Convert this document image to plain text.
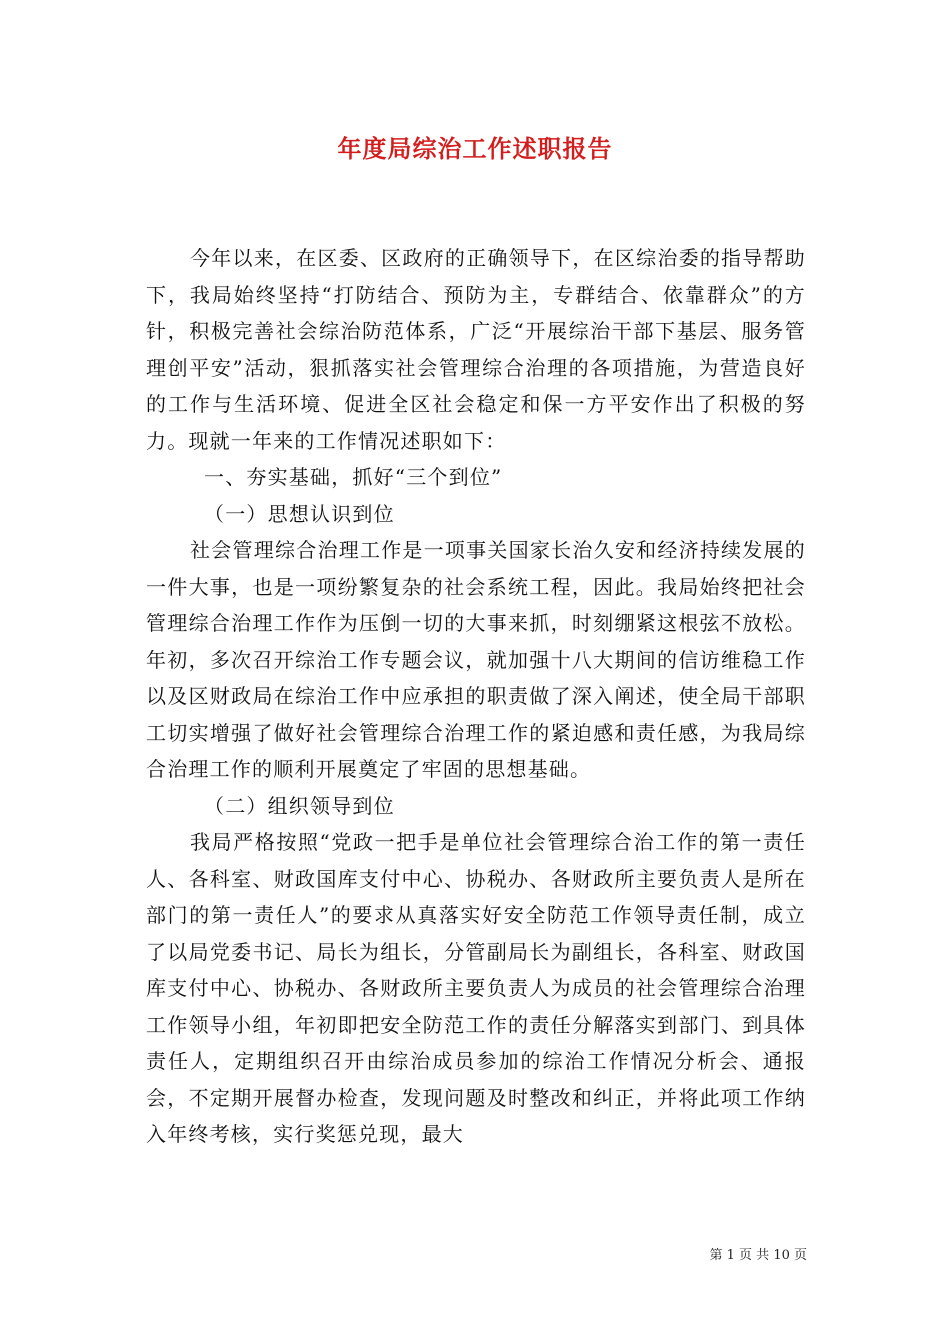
年度局综治工作述职报告

今年以来，在区委、区政府的正确领导下，在区综治委的指导帮助下，我局始终坚持“打防结合、预防为主，专群结合、依靠群众”的方针，积极完善社会综治防范体系，广泛“开展综治干部下基层、服务管理创平安”活动，狠抓落实社会管理综合治理的各项措施，为营造良好的工作与生活环境、促进全区社会稳定和保一方平安作出了积极的努力。现就一年来的工作情况述职如下：

一、夯实基础，抓好“三个到位”

（一）思想认识到位

社会管理综合治理工作是一项事关国家长治久安和经济持续发展的一件大事，也是一项纷繁复杂的社会系统工程，因此。我局始终把社会管理综合治理工作作为压倒一切的大事来抓，时刻绷紧这根弦不放松。年初，多次召开综治工作专题会议，就加强十八大期间的信访维稳工作以及区财政局在综治工作中应承担的职责做了深入阐述，使全局干部职工切实增强了做好社会管理综合治理工作的紧迫感和责任感，为我局综合治理工作的顺利开展奠定了牢固的思想基础。

（二）组织领导到位

我局严格按照“党政一把手是单位社会管理综合治工作的第一责任人、各科室、财政国库支付中心、协税办、各财政所主要负责人是所在部门的第一责任人”的要求从真落实好安全防范工作领导责任制，成立了以局党委书记、局长为组长，分管副局长为副组长，各科室、财政国库支付中心、协税办、各财政所主要负责人为成员的社会管理综合治理工作领导小组，年初即把安全防范工作的责任分解落实到部门、到具体责任人，定期组织召开由综治成员参加的综治工作情况分析会、通报会，不定期开展督办检查，发现问题及时整改和纠正，并将此项工作纳入年终考核，实行奖惩兑现，最大

第 1 页 共 10 页
